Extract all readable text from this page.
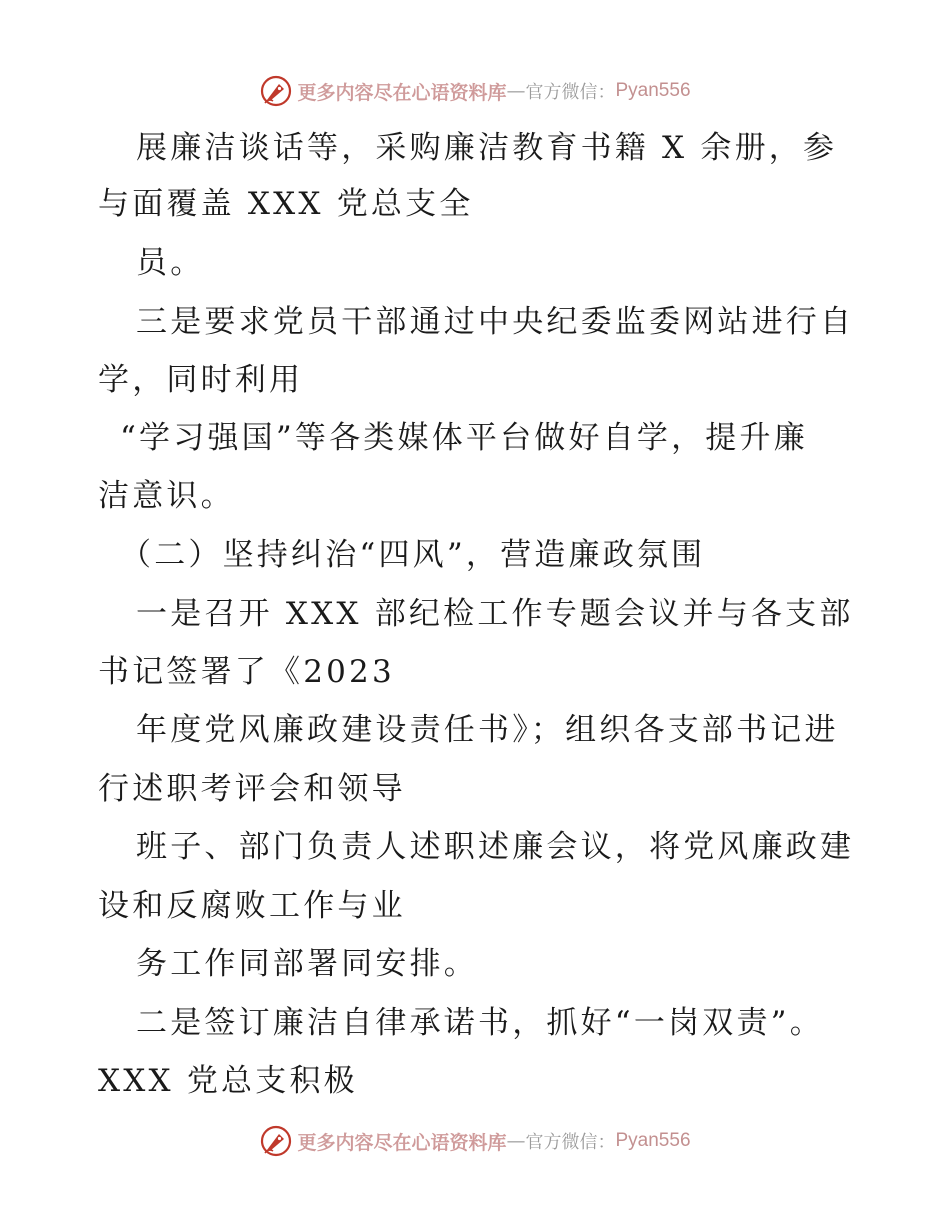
更多内容尽在心语资料库 — 官方微信： Pyan556
展廉洁谈话等，采购廉洁教育书籍 X 余册，参
与面覆盖 XXX 党总支全
员。
三是要求党员干部通过中央纪委监委网站进行自
学，同时利用
“学习强国”等各类媒体平台做好自学，提升廉
洁意识。
（二）坚持纠治“四风”，营造廉政氛围
一是召开 XXX 部纪检工作专题会议并与各支部
书记签署了《2023
年度党风廉政建设责任书》；组织各支部书记进
行述职考评会和领导
班子、部门负责人述职述廉会议，将党风廉政建
设和反腐败工作与业
务工作同部署同安排。
二是签订廉洁自律承诺书，抓好“一岗双责”。
XXX 党总支积极
更多内容尽在心语资料库 — 官方微信： Pyan556
